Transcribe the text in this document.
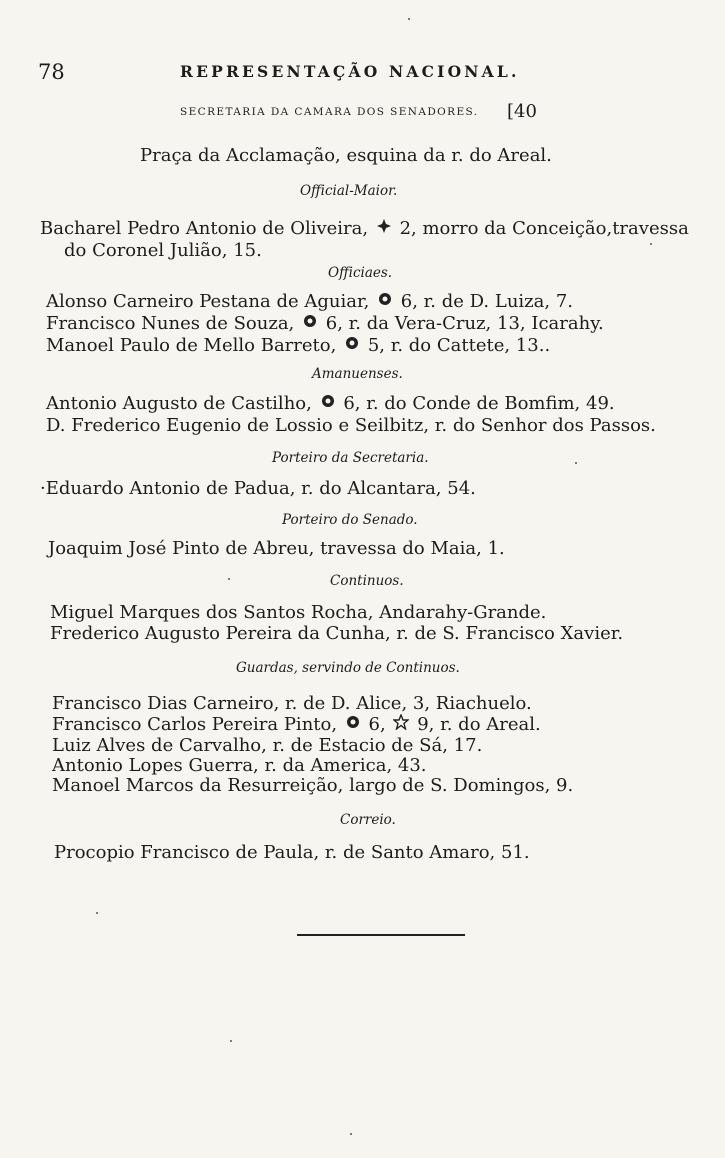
78	REPRESENTAÇÃO NACIONAL.
SECRETARIA DA CAMARA DOS SENADORES. [40
Praça da Acclamação, esquina da r. do Areal.
Official-Maior.
Bacharel Pedro Antonio de Oliveira, 2, morro da Conceição,travessa
do Coronel Julião, 15.
Officiaes.
Alonso Carneiro Pestana de Aguiar, 6, r. de D. Luiza, 7.
Francisco Nunes de Souza, 6, r. da Vera-Cruz, 13, Icarahy.
Manoel Paulo de Mello Barreto, 5, r. do Cattete, 13..
Amanuenses.
Antonio Augusto de Castilho, 6, r. do Conde de Bomfim, 49.
D. Frederico Eugenio de Lossio e Seilbitz, r. do Senhor dos Passos.
Porteiro da Secretaria.
·Eduardo Antonio de Padua, r. do Alcantara, 54.
Porteiro do Senado.
Joaquim José Pinto de Abreu, travessa do Maia, 1.
Continuos.
Miguel Marques dos Santos Rocha, Andarahy-Grande.
Frederico Augusto Pereira da Cunha, r. de S. Francisco Xavier.
Guardas, servindo de Continuos.
Francisco Dias Carneiro, r. de D. Alice, 3, Riachuelo.
Francisco Carlos Pereira Pinto, 6, 9, r. do Areal.
Luiz Alves de Carvalho, r. de Estacio de Sá, 17.
Antonio Lopes Guerra, r. da America, 43.
Manoel Marcos da Resurreição, largo de S. Domingos, 9.
Correio.
Procopio Francisco de Paula, r. de Santo Amaro, 51.
